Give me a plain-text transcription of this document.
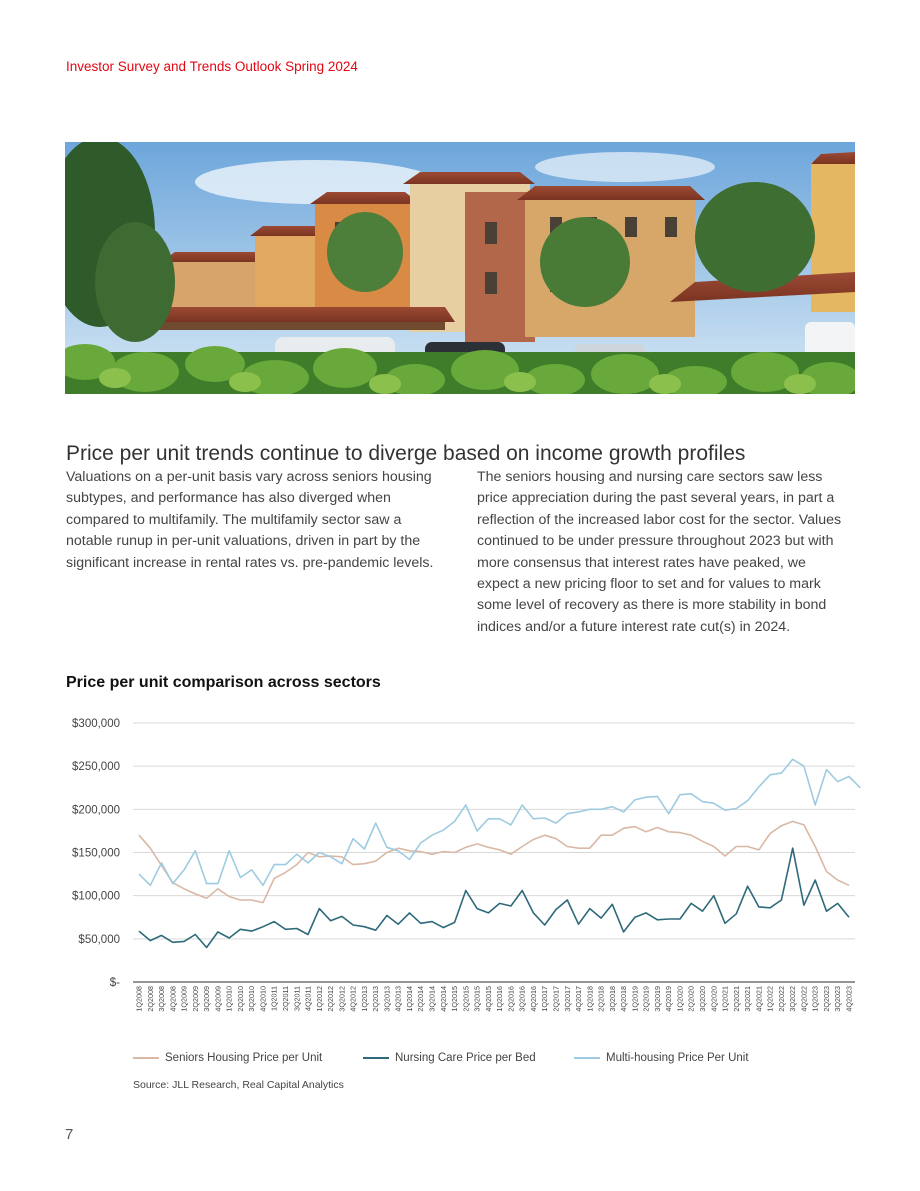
Investor Survey and Trends Outlook Spring 2024
Price per unit trends continue to diverge based on income growth profiles
Valuations on a per-unit basis vary across seniors housing subtypes, and performance has also diverged when compared to multifamily. The multifamily sector saw a notable runup in per-unit valuations, driven in part by the significant increase in rental rates vs. pre-pandemic levels.
The seniors housing and nursing care sectors saw less price appreciation during the past several years, in part a reflection of the increased labor cost for the sector. Values continued to be under pressure throughout 2023 but with more consensus that interest rates have peaked, we expect a new pricing floor to set and for values to mark some level of recovery as there is more stability in bond indices and/or a future interest rate cut(s) in 2024.
Price per unit comparison across sectors
$-
$50,000
$100,000
$150,000
$200,000
$250,000
$300,000
1Q2008 2Q2008 3Q2008 4Q2008 1Q2009 2Q2009 3Q2009 4Q2009 1Q2010 2Q2010 3Q2010 4Q2010 1Q2011 2Q2011 3Q2011 4Q2011 1Q2012 2Q2012 3Q2012 4Q2012 1Q2013 2Q2013 3Q2013 4Q2013 1Q2014 2Q2014 3Q2014 4Q2014 1Q2015 2Q2015 3Q2015 4Q2015 1Q2016 2Q2016 3Q2016 4Q2016 1Q2017 2Q2017 3Q2017 4Q2017 1Q2018 2Q2018 3Q2018 4Q2018 1Q2019 2Q2019 3Q2019 4Q2019 1Q2020 2Q2020 3Q2020 4Q2020 1Q2021 2Q2021 3Q2021 4Q2021 1Q2022 2Q2022 3Q2022 4Q2022 1Q2023 2Q2023 3Q2023 4Q2023
Seniors Housing Price per Unit	Nursing Care Price per Bed	Multi-housing Price Per Unit
Source: JLL Research, Real Capital Analytics
7
